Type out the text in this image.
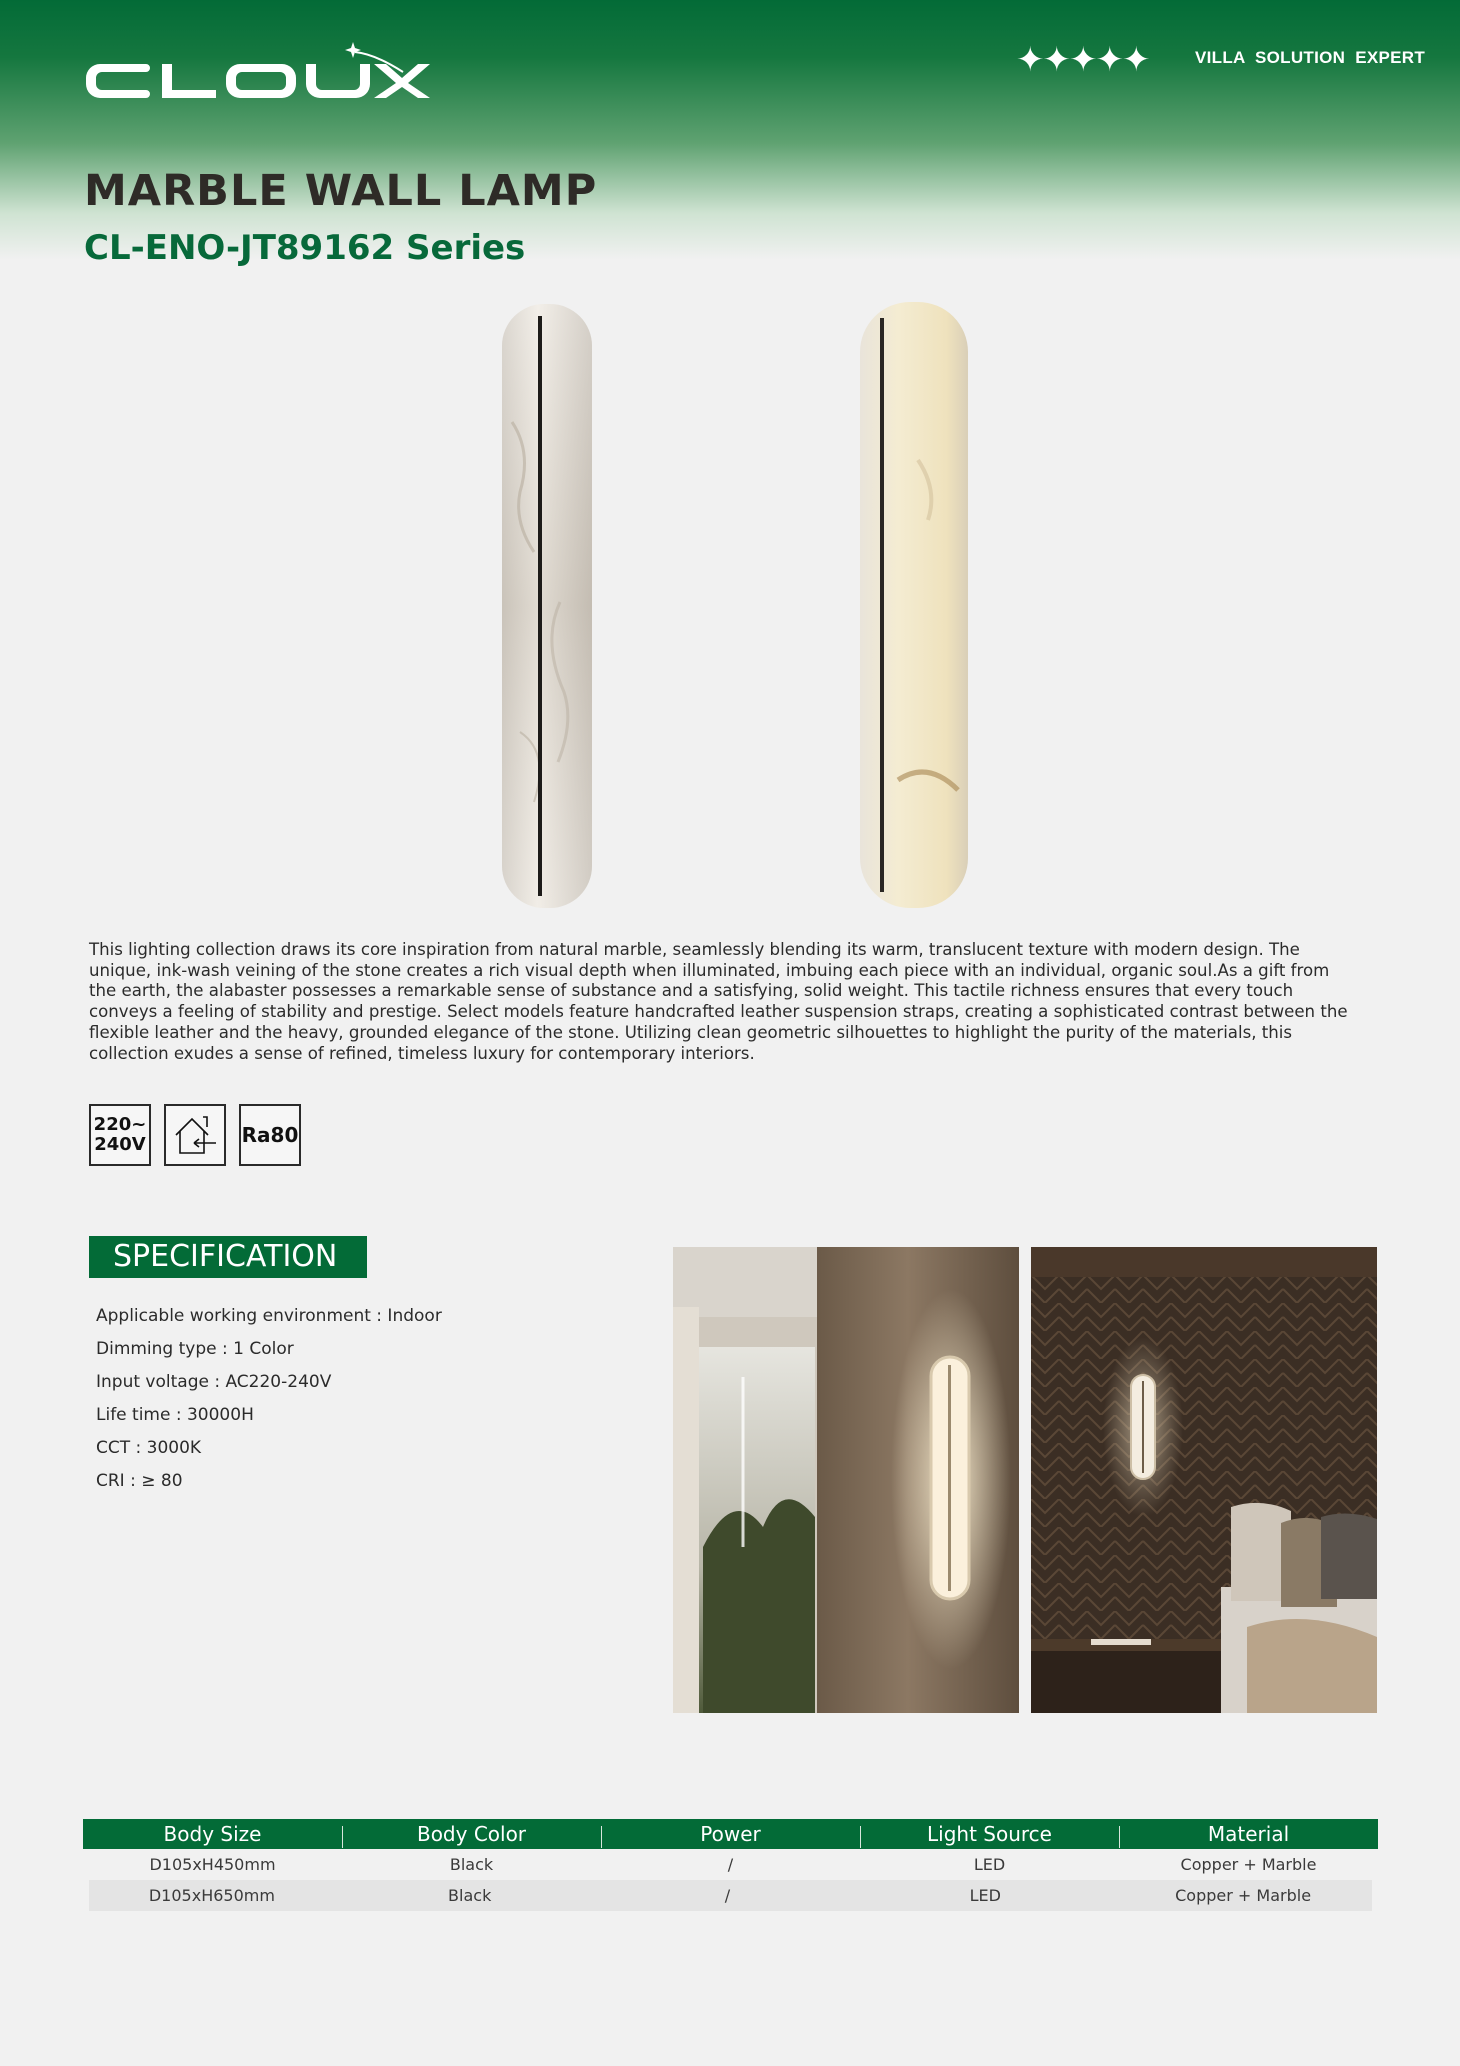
✦✦✦✦✦	VILLA SOLUTION EXPERT
MARBLE WALL LAMP
CL-ENO-JT89162 Series

This lighting collection draws its core inspiration from natural marble, seamlessly blending its warm, translucent texture with modern design. The unique, ink-wash veining of the stone creates a rich visual depth when illuminated, imbuing each piece with an individual, organic soul.As a gift from the earth, the alabaster possesses a remarkable sense of substance and a satisfying, solid weight. This tactile richness ensures that every touch conveys a feeling of stability and prestige. Select models feature handcrafted leather suspension straps, creating a sophisticated contrast between the flexible leather and the heavy, grounded elegance of the stone. Utilizing clean geometric silhouettes to highlight the purity of the materials, this collection exudes a sense of refined, timeless luxury for contemporary interiors.

220~
240V	Ra80
SPECIFICATION
Applicable working environment : Indoor
Dimming type : 1 Color
Input voltage : AC220-240V
Life time : 30000H
CCT : 3000K
CRI : ≥ 80
Body Size	Body Color	Power	Light Source	Material
D105xH450mm	Black	/	LED	Copper + Marble
D105xH650mm	Black	/	LED	Copper + Marble
